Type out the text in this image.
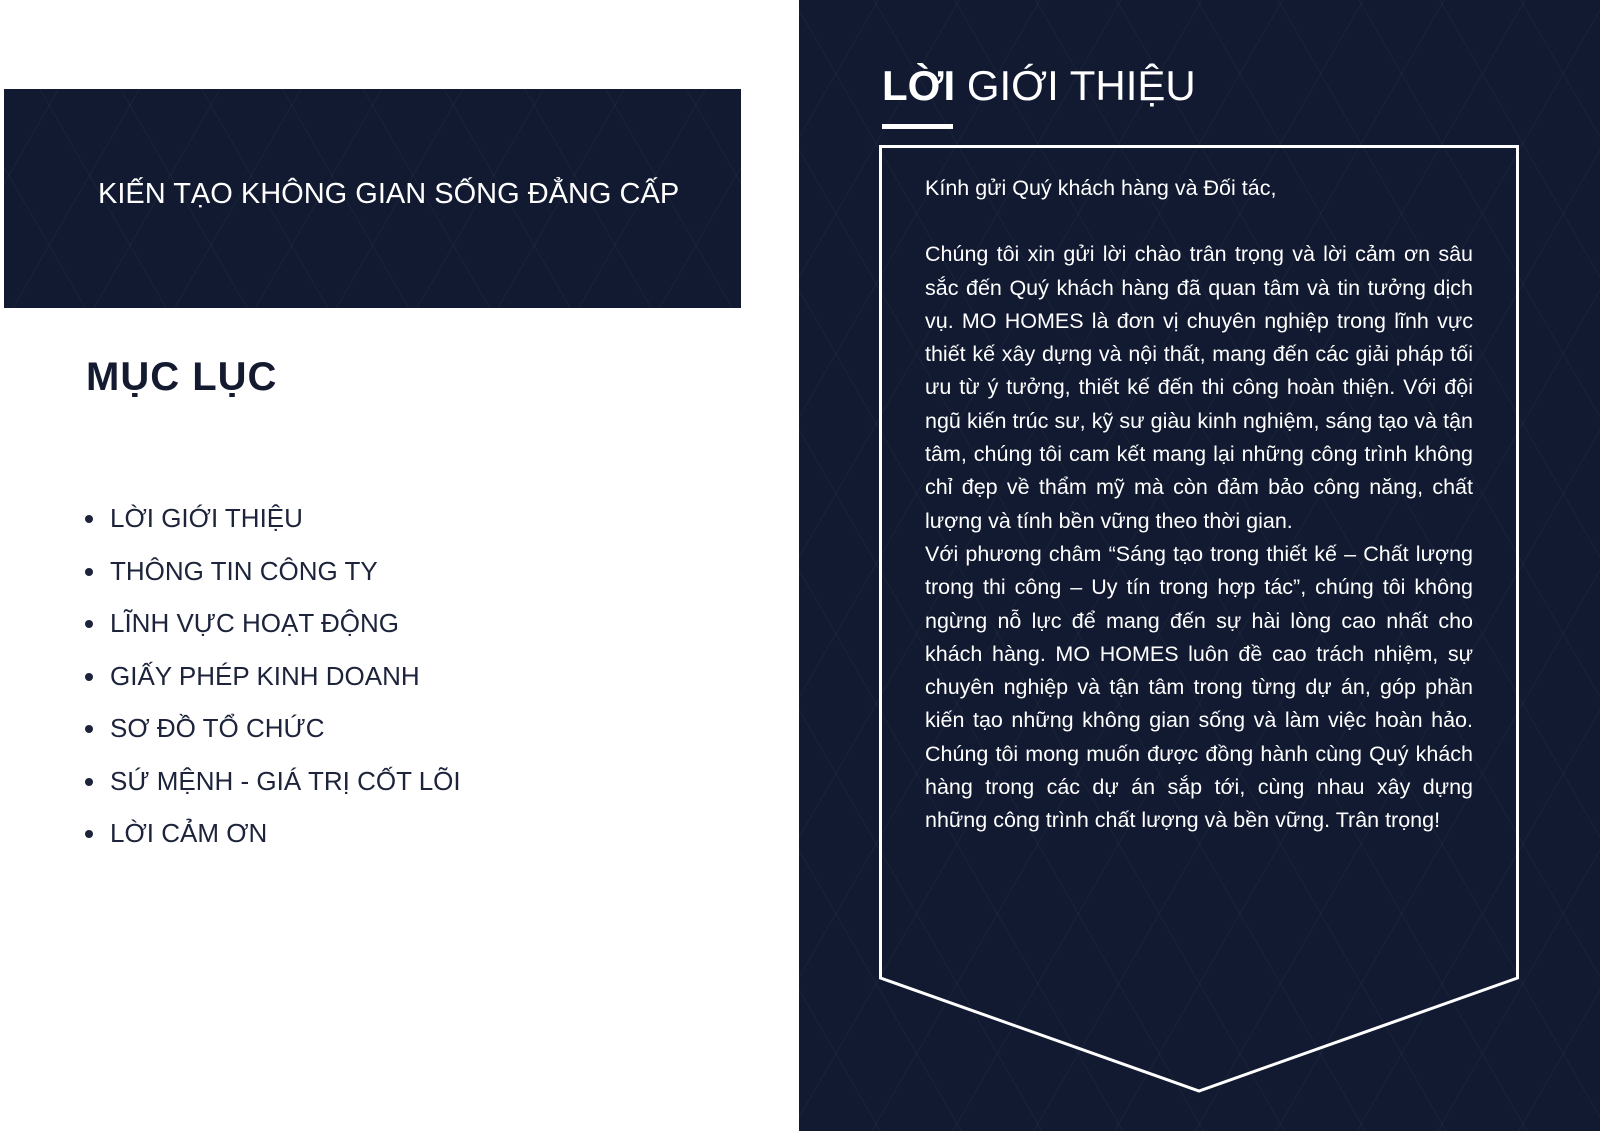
KIẾN TẠO KHÔNG GIAN SỐNG ĐẲNG CẤP
MỤC LỤC
LỜI GIỚI THIỆU
THÔNG TIN CÔNG TY
LĨNH VỰC HOẠT ĐỘNG
GIẤY PHÉP KINH DOANH
SƠ ĐỒ TỔ CHỨC
SỨ MỆNH - GIÁ TRỊ CỐT LÕI
LỜI CẢM ƠN
LỜI GIỚI THIỆU

Kính gửi Quý khách hàng và Đối tác,

Chúng tôi xin gửi lời chào trân trọng và lời cảm ơn sâu sắc đến Quý khách hàng đã quan tâm và tin tưởng dịch vụ. MO HOMES là đơn vị chuyên nghiệp trong lĩnh vực thiết kế xây dựng và nội thất, mang đến các giải pháp tối ưu từ ý tưởng, thiết kế đến thi công hoàn thiện. Với đội ngũ kiến trúc sư, kỹ sư giàu kinh nghiệm, sáng tạo và tận tâm, chúng tôi cam kết mang lại những công trình không chỉ đẹp về thẩm mỹ mà còn đảm bảo công năng, chất lượng và tính bền vững theo thời gian.

Với phương châm “Sáng tạo trong thiết kế – Chất lượng trong thi công – Uy tín trong hợp tác”, chúng tôi không ngừng nỗ lực để mang đến sự hài lòng cao nhất cho khách hàng. MO HOMES luôn đề cao trách nhiệm, sự chuyên nghiệp và tận tâm trong từng dự án, góp phần kiến tạo những không gian sống và làm việc hoàn hảo. Chúng tôi mong muốn được đồng hành cùng Quý khách hàng trong các dự án sắp tới, cùng nhau xây dựng những công trình chất lượng và bền vững. Trân trọng!
